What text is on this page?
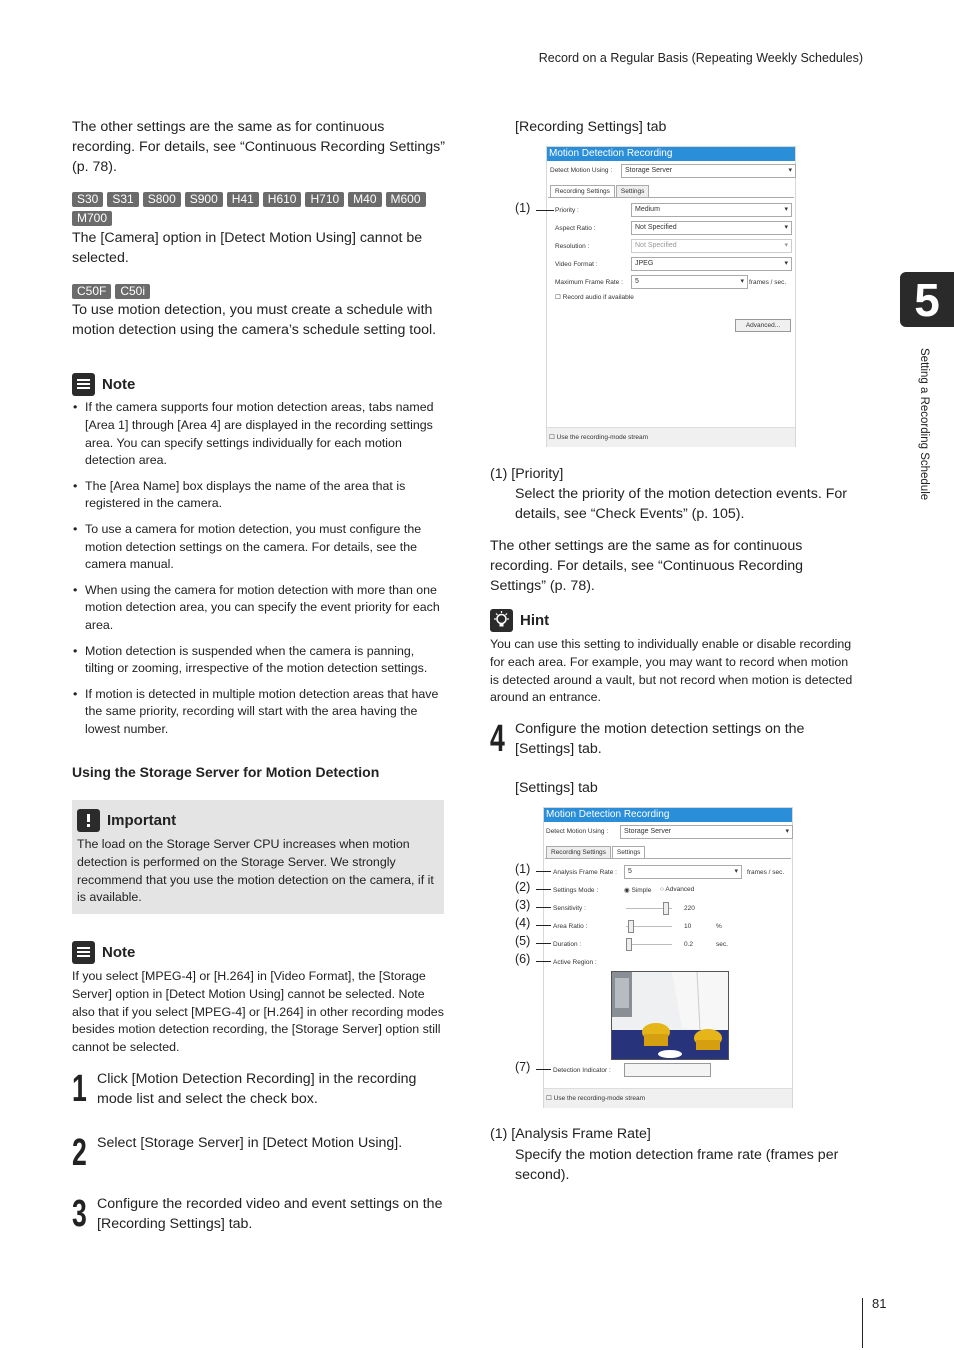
Record on a Regular Basis (Repeating Weekly Schedules)
5
Setting a Recording Schedule
The other settings are the same as for continuous recording. For details, see “Continuous Recording Settings” (p. 78).
S30	S31	S800	S900	H41	H610	H710	M40	M600
M700
The [Camera] option in [Detect Motion Using] cannot be selected.
C50F	C50i
To use motion detection, you must create a schedule with motion detection using the camera’s schedule setting tool.
Note
• If the camera supports four motion detection areas, tabs named [Area 1] through [Area 4] are displayed in the recording settings area. You can specify settings individually for each motion detection area.
• The [Area Name] box displays the name of the area that is registered in the camera.
• To use a camera for motion detection, you must configure the motion detection settings on the camera. For details, see the camera manual.
• When using the camera for motion detection with more than one motion detection area, you can specify the event priority for each area.
• Motion detection is suspended when the camera is panning, tilting or zooming, irrespective of the motion detection settings.
• If motion is detected in multiple motion detection areas that have the same priority, recording will start with the area having the lowest number.
Using the Storage Server for Motion Detection
Important
The load on the Storage Server CPU increases when motion detection is performed on the Storage Server. We strongly recommend that you use the motion detection on the camera, if it is available.
Note
If you select [MPEG-4] or [H.264] in [Video Format], the [Storage Server] option in [Detect Motion Using] cannot be selected. Note also that if you select [MPEG-4] or [H.264] in other recording modes besides motion detection recording, the [Storage Server] option still cannot be selected.
1 Click [Motion Detection Recording] in the recording mode list and select the check box.
2 Select [Storage Server] in [Detect Motion Using].
3 Configure the recorded video and event settings on the [Recording Settings] tab.
[Recording Settings] tab
Motion Detection Recording
Detect Motion Using :	Storage Server ▾
Recording Settings	Settings
Priority :	Medium ▾
Aspect Ratio :	Not Specified ▾
Resolution :	Not Specified ▾
Video Format :	JPEG ▾
Maximum Frame Rate :	5 ▾	frames / sec.
☐ Record audio if available
Advanced...
☐ Use the recording-mode stream
(1)
(1) [Priority]
Select the priority of the motion detection events. For details, see “Check Events” (p. 105).
The other settings are the same as for continuous recording. For details, see “Continuous Recording Settings” (p. 78).
Hint
You can use this setting to individually enable or disable recording for each area. For example, you may want to record when motion is detected around a vault, but not record when motion is detected around an entrance.
4 Configure the motion detection settings on the [Settings] tab.
[Settings] tab
Motion Detection Recording
Detect Motion Using :	Storage Server ▾
Recording Settings	Settings
Analysis Frame Rate :	5 ▾	frames / sec.
Settings Mode :	◉ Simple ○ Advanced
Sensitivity :	220
Area Ratio :	10	%
Duration :	0.2	sec.
Active Region :
Detection Indicator :
☐ Use the recording-mode stream
(1)
(2)
(3)
(4)
(5)
(6)
(7)
(1) [Analysis Frame Rate]
Specify the motion detection frame rate (frames per second).
81
